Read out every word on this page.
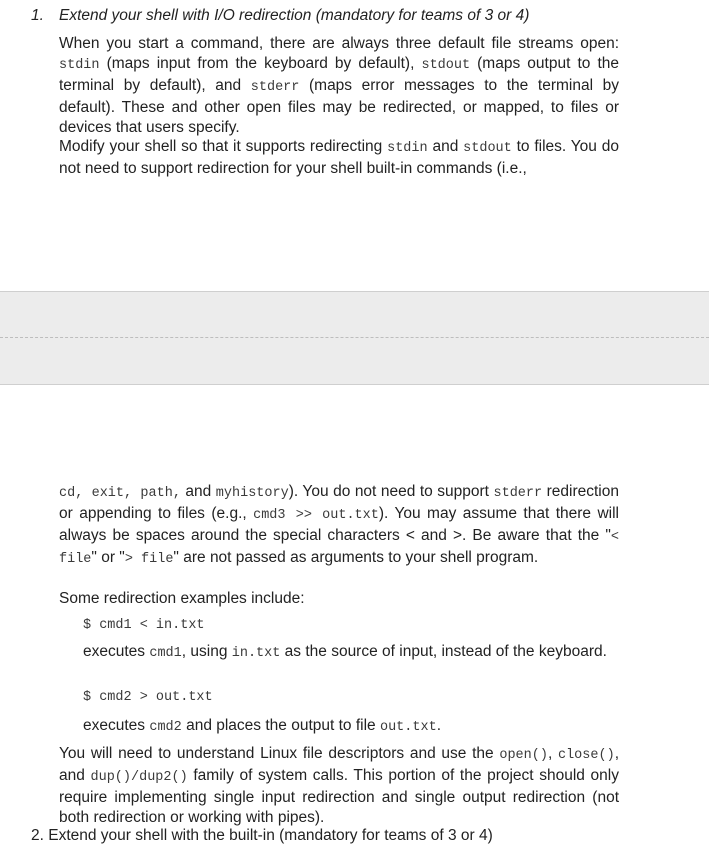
1. Extend your shell with I/O redirection (mandatory for teams of 3 or 4)

When you start a command, there are always three default file streams open: stdin (maps input from the keyboard by default), stdout (maps output to the terminal by default), and stderr (maps error messages to the terminal by default). These and other open files may be redirected, or mapped, to files or devices that users specify.

Modify your shell so that it supports redirecting stdin and stdout to files. You do not need to support redirection for your shell built-in commands (i.e.,

cd, exit, path, and myhistory). You do not need to support stderr redirection or appending to files (e.g., cmd3 >> out.txt). You may assume that there will always be spaces around the special characters < and >. Be aware that the "< file" or "> file" are not passed as arguments to your shell program.

Some redirection examples include:

$ cmd1 < in.txt

executes cmd1, using in.txt as the source of input, instead of the keyboard.

$ cmd2 > out.txt

executes cmd2 and places the output to file out.txt.

You will need to understand Linux file descriptors and use the open(), close(), and dup()/dup2() family of system calls. This portion of the project should only require implementing single input redirection and single output redirection (not both redirection or working with pipes).

2. Extend your shell with the built-in (mandatory for teams of 3 or 4)
